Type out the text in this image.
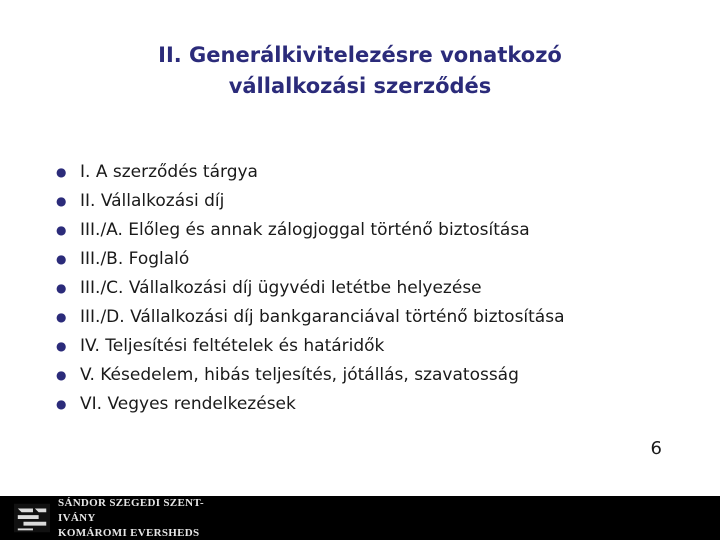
II. Generálkivitelezésre vonatkozó
vállalkozási szerződés
● I. A szerződés tárgya
● II. Vállalkozási díj
● III./A. Előleg és annak zálogjoggal történő biztosítása
● III./B. Foglaló
● III./C. Vállalkozási díj ügyvédi letétbe helyezése
● III./D. Vállalkozási díj bankgaranciával történő biztosítása
● IV. Teljesítési feltételek és határidők
● V. Késedelem, hibás teljesítés, jótállás, szavatosság
● VI. Vegyes rendelkezések
6
SÁNDOR SZEGEDI SZENT-IVÁNY
KOMÁROMI EVERSHEDS
